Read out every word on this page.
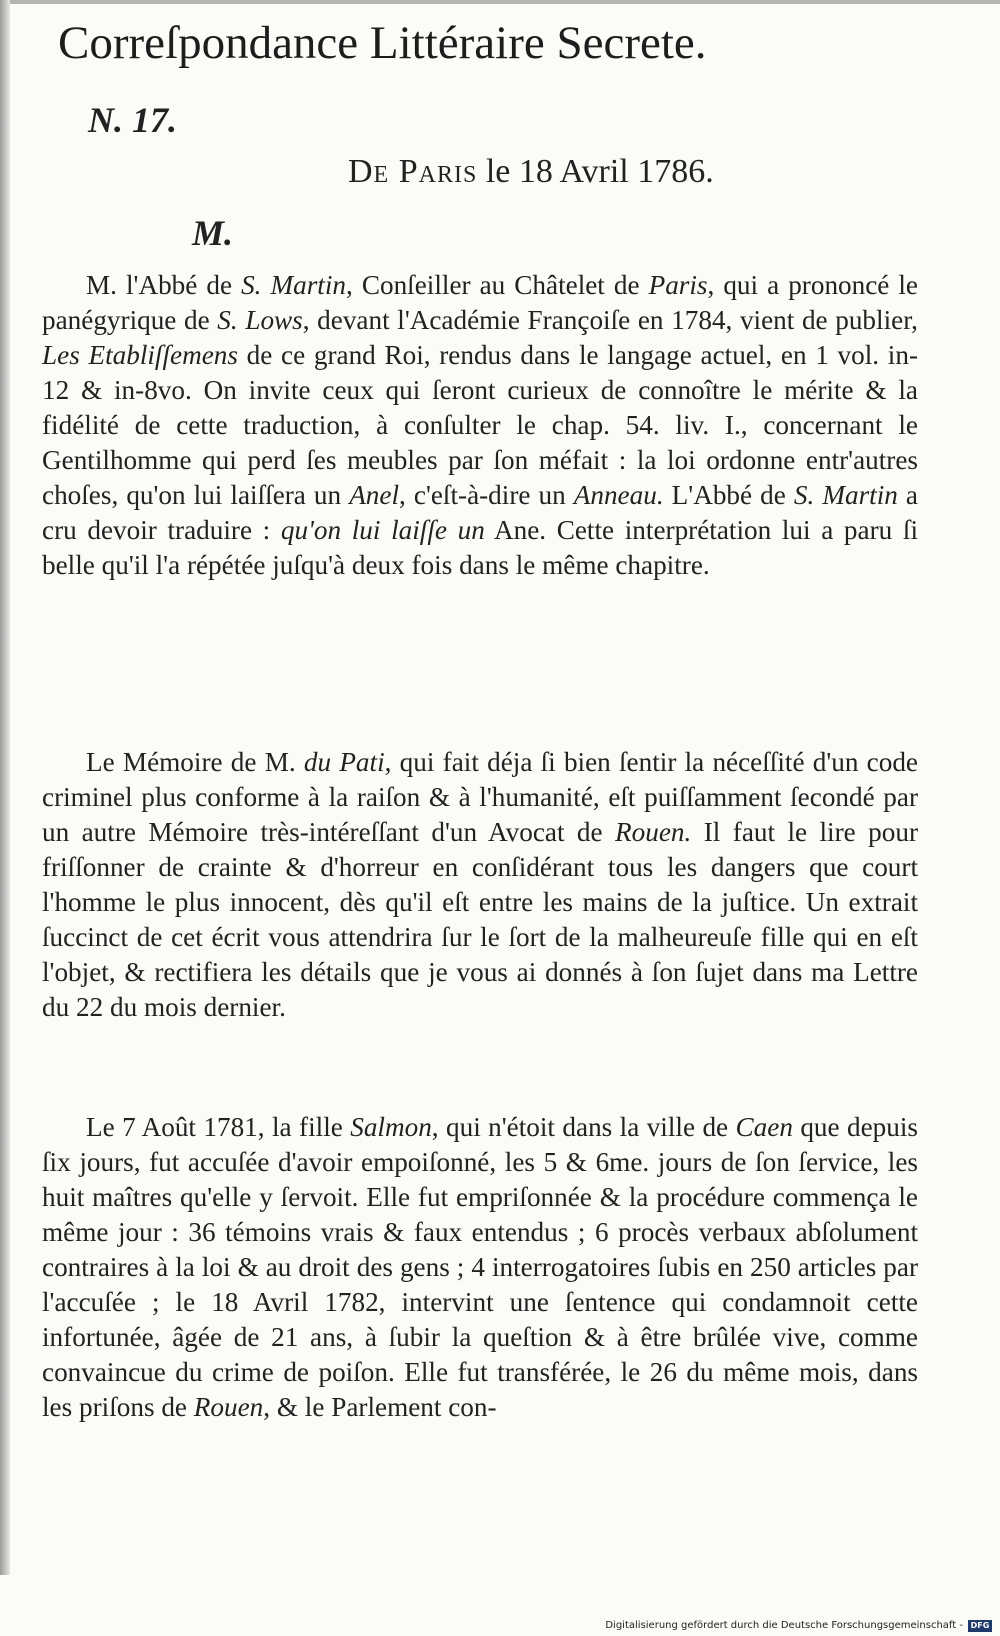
Correſpondance Littéraire Secrete.
N. 17.
De Paris le 18 Avril 1786.
M.

M. l'Abbé de S. Martin, Conſeiller au Châtelet de Paris, qui a prononcé le panégyrique de S. Lows, devant l'Académie Françoiſe en 1784, vient de publier, Les Etabliſſemens de ce grand Roi, rendus dans le langage actuel, en 1 vol. in-12 & in-8vo. On invite ceux qui ſeront curieux de connoître le mérite & la fidélité de cette traduction, à conſulter le chap. 54. liv. I., concernant le Gentilhomme qui perd ſes meubles par ſon méfait : la loi ordonne entr'autres choſes, qu'on lui laiſſera un Anel, c'eſt-à-dire un Anneau. L'Abbé de S. Martin a cru devoir traduire : qu'on lui laiſſe un Ane. Cette interprétation lui a paru ſi belle qu'il l'a répétée juſqu'à deux fois dans le même chapitre.

Le Mémoire de M. du Pati, qui fait déja ſi bien ſentir la néceſſité d'un code criminel plus conforme à la raiſon & à l'humanité, eſt puiſſamment ſecondé par un autre Mémoire très-intéreſſant d'un Avocat de Rouen. Il faut le lire pour friſſonner de crainte & d'horreur en conſidérant tous les dangers que court l'homme le plus innocent, dès qu'il eſt entre les mains de la juſtice. Un extrait ſuccinct de cet écrit vous attendrira ſur le ſort de la malheureuſe fille qui en eſt l'objet, & rectifiera les détails que je vous ai donnés à ſon ſujet dans ma Lettre du 22 du mois dernier.

Le 7 Août 1781, la fille Salmon, qui n'étoit dans la ville de Caen que depuis ſix jours, fut accuſée d'avoir empoiſonné, les 5 & 6me. jours de ſon ſervice, les huit maîtres qu'elle y ſervoit. Elle fut empriſonnée & la procédure commença le même jour : 36 témoins vrais & faux entendus ; 6 procès verbaux abſolument contraires à la loi & au droit des gens ; 4 interrogatoires ſubis en 250 articles par l'accuſée ; le 18 Avril 1782, intervint une ſentence qui condamnoit cette infortunée, âgée de 21 ans, à ſubir la queſtion & à être brûlée vive, comme convaincue du crime de poiſon. Elle fut transférée, le 26 du même mois, dans les priſons de Rouen, & le Parlement con-

Digitalisierung gefördert durch die Deutsche Forschungsgemeinschaft - DFG
